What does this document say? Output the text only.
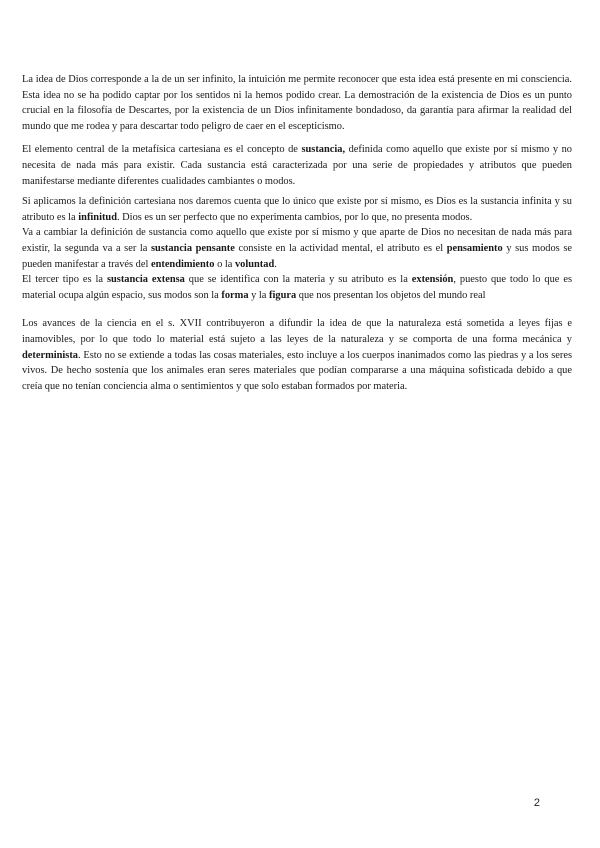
La idea de Dios corresponde a la de un ser infinito, la intuición me permite reconocer que esta idea está presente en mi consciencia. Esta idea no se ha podido captar por los sentidos ni la hemos podido crear. La demostración de la existencia de Dios es un punto crucial en la filosofía de Descartes, por la existencia de un Dios infinitamente bondadoso, da garantía para afirmar la realidad del mundo que me rodea y para descartar todo peligro de caer en el escepticismo.

El elemento central de la metafísica cartesiana es el concepto de sustancia, definida como aquello que existe por sí mismo y no necesita de nada más para existir. Cada sustancia está caracterizada por una serie de propiedades y atributos que pueden manifestarse mediante diferentes cualidades cambiantes o modos.

Si aplicamos la definición cartesiana nos daremos cuenta que lo único que existe por sí mismo, es Dios es la sustancia infinita y su atributo es la infinitud. Dios es un ser perfecto que no experimenta cambios, por lo que, no presenta modos.

Va a cambiar la definición de sustancia como aquello que existe por sí mismo y que aparte de Dios no necesitan de nada más para existir, la segunda va a ser la sustancia pensante consiste en la actividad mental, el atributo es el pensamiento y sus modos se pueden manifestar a través del entendimiento o la voluntad.

El tercer tipo es la sustancia extensa que se identifica con la materia y su atributo es la extensión, puesto que todo lo que es material ocupa algún espacio, sus modos son la forma y la figura que nos presentan los objetos del mundo real

Los avances de la ciencia en el s. XVII contribuyeron a difundir la idea de que la naturaleza está sometida a leyes fijas e inamovibles, por lo que todo lo material está sujeto a las leyes de la naturaleza y se comporta de una forma mecánica y determinista. Esto no se extiende a todas las cosas materiales, esto incluye a los cuerpos inanimados como las piedras y a los seres vivos. De hecho sostenía que los animales eran seres materiales que podían compararse a una máquina sofisticada debido a que creía que no tenían conciencia alma o sentimientos y que solo estaban formados por materia.

2
